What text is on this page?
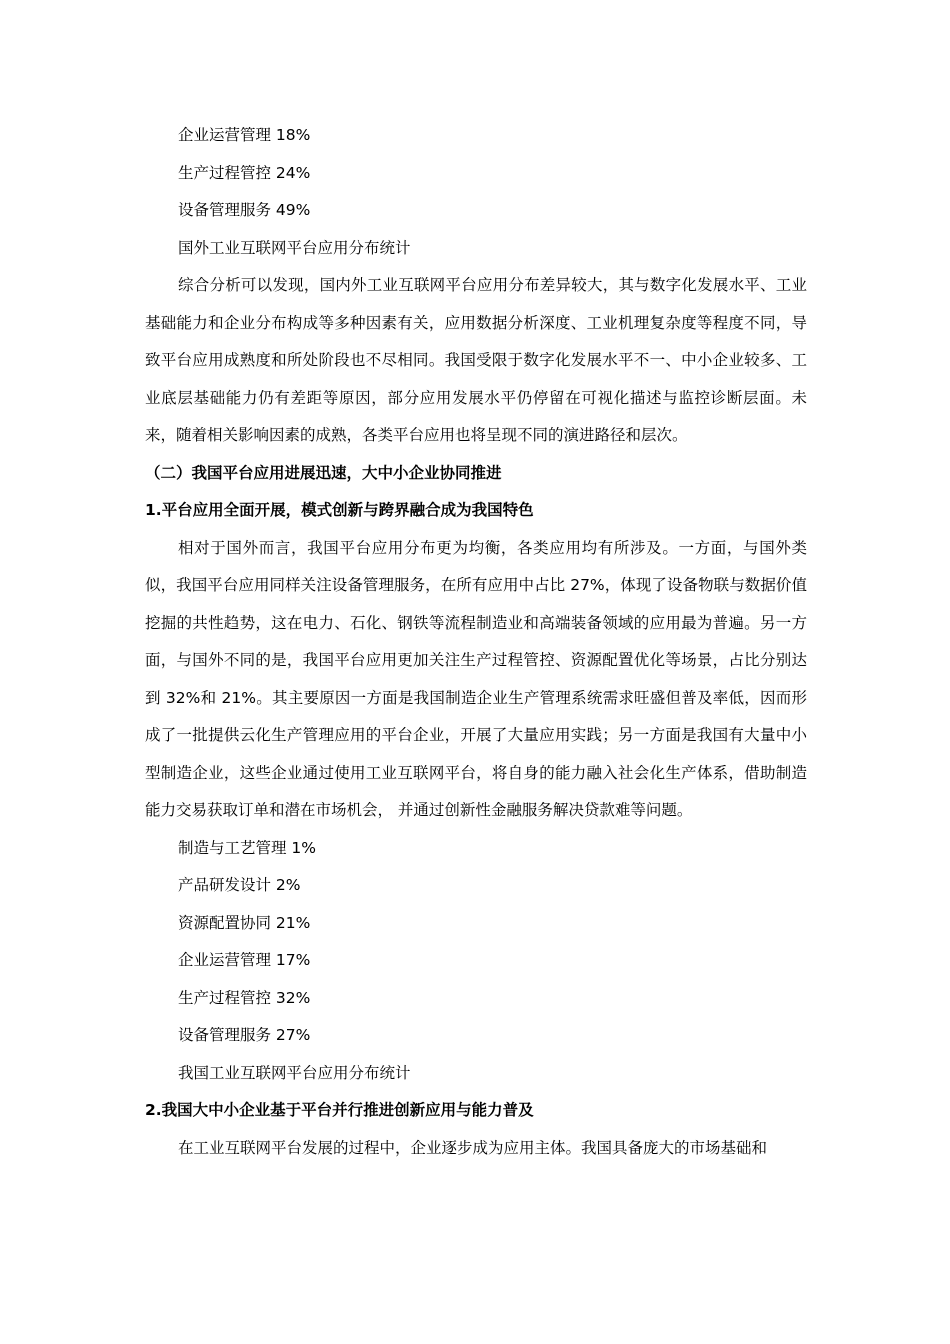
企业运营管理 18%
生产过程管控 24%
设备管理服务 49%
国外工业互联网平台应用分布统计

综合分析可以发现，国内外工业互联网平台应用分布差异较大，其与数字化发展水平、工业基础能力和企业分布构成等多种因素有关，应用数据分析深度、工业机理复杂度等程度不同，导致平台应用成熟度和所处阶段也不尽相同。我国受限于数字化发展水平不一、中小企业较多、工业底层基础能力仍有差距等原因，部分应用发展水平仍停留在可视化描述与监控诊断层面。未来，随着相关影响因素的成熟，各类平台应用也将呈现不同的演进路径和层次。

（二）我国平台应用进展迅速，大中小企业协同推进
1.平台应用全面开展，模式创新与跨界融合成为我国特色

相对于国外而言，我国平台应用分布更为均衡，各类应用均有所涉及。一方面，与国外类似，我国平台应用同样关注设备管理服务，在所有应用中占比 27%，体现了设备物联与数据价值挖掘的共性趋势，这在电力、石化、钢铁等流程制造业和高端装备领域的应用最为普遍。另一方面，与国外不同的是，我国平台应用更加关注生产过程管控、资源配置优化等场景，占比分别达到 32%和 21%。其主要原因一方面是我国制造企业生产管理系统需求旺盛但普及率低，因而形成了一批提供云化生产管理应用的平台企业，开展了大量应用实践；另一方面是我国有大量中小型制造企业，这些企业通过使用工业互联网平台，将自身的能力融入社会化生产体系，借助制造能力交易获取订单和潜在市场机会， 并通过创新性金融服务解决贷款难等问题。

制造与工艺管理 1%
产品研发设计 2%
资源配置协同 21%
企业运营管理 17%
生产过程管控 32%
设备管理服务 27%
我国工业互联网平台应用分布统计
2.我国大中小企业基于平台并行推进创新应用与能力普及

在工业互联网平台发展的过程中，企业逐步成为应用主体。我国具备庞大的市场基础和
